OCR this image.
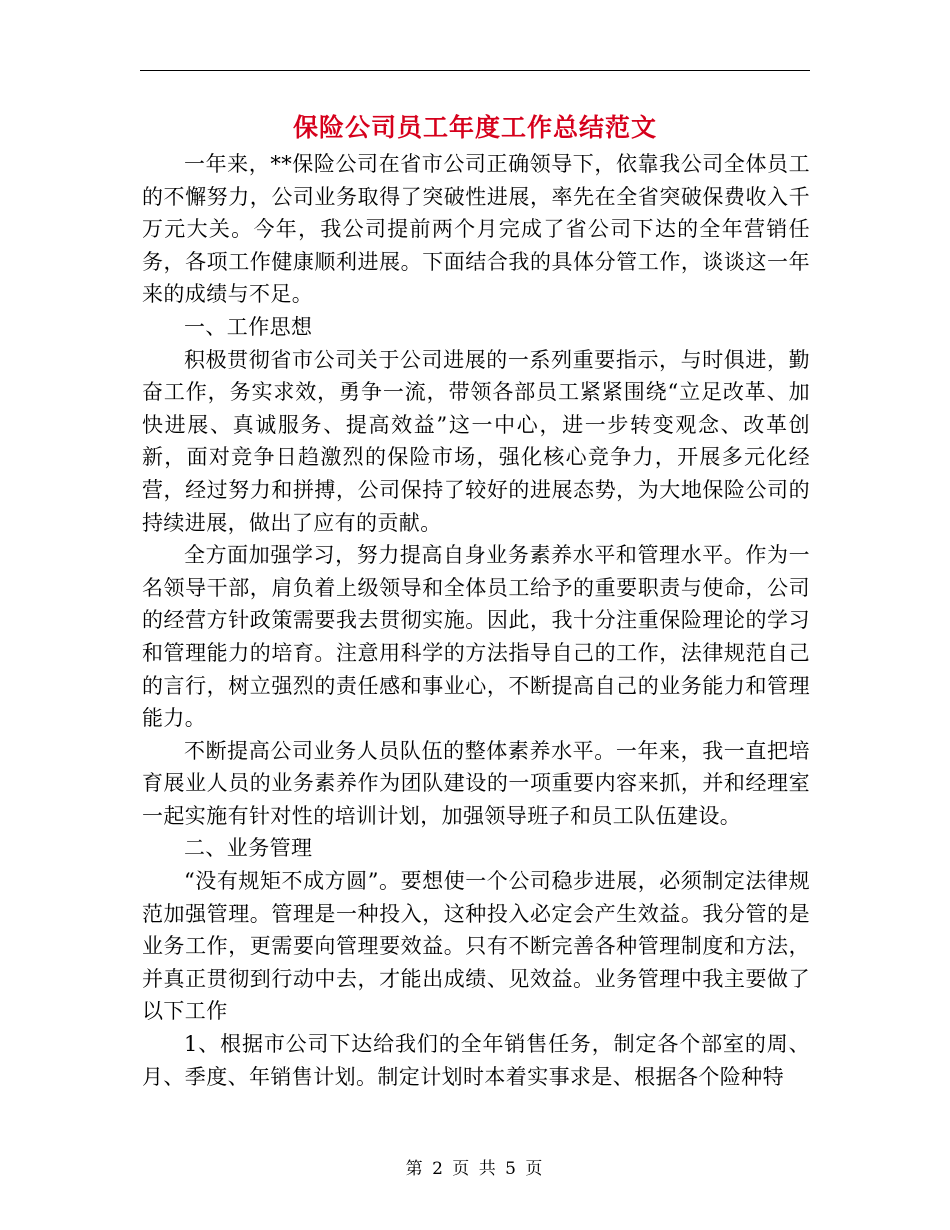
保险公司员工年度工作总结范文

一年来，**保险公司在省市公司正确领导下，依靠我公司全体员工的不懈努力，公司业务取得了突破性进展，率先在全省突破保费收入千万元大关。今年，我公司提前两个月完成了省公司下达的全年营销任务，各项工作健康顺利进展。下面结合我的具体分管工作，谈谈这一年来的成绩与不足。

一、工作思想

积极贯彻省市公司关于公司进展的一系列重要指示，与时俱进，勤奋工作，务实求效，勇争一流，带领各部员工紧紧围绕“立足改革、加快进展、真诚服务、提高效益”这一中心，进一步转变观念、改革创新，面对竞争日趋激烈的保险市场，强化核心竞争力，开展多元化经营，经过努力和拼搏，公司保持了较好的进展态势，为大地保险公司的持续进展，做出了应有的贡献。

全方面加强学习，努力提高自身业务素养水平和管理水平。作为一名领导干部，肩负着上级领导和全体员工给予的重要职责与使命，公司的经营方针政策需要我去贯彻实施。因此，我十分注重保险理论的学习和管理能力的培育。注意用科学的方法指导自己的工作，法律规范自己的言行，树立强烈的责任感和事业心，不断提高自己的业务能力和管理能力。

不断提高公司业务人员队伍的整体素养水平。一年来，我一直把培育展业人员的业务素养作为团队建设的一项重要内容来抓，并和经理室一起实施有针对性的培训计划，加强领导班子和员工队伍建设。

二、业务管理

“没有规矩不成方圆”。要想使一个公司稳步进展，必须制定法律规范加强管理。管理是一种投入，这种投入必定会产生效益。我分管的是业务工作，更需要向管理要效益。只有不断完善各种管理制度和方法，并真正贯彻到行动中去，才能出成绩、见效益。业务管理中我主要做了以下工作

1、根据市公司下达给我们的全年销售任务，制定各个部室的周、月、季度、年销售计划。制定计划时本着实事求是、根据各个险种特

第 2 页 共 5 页
